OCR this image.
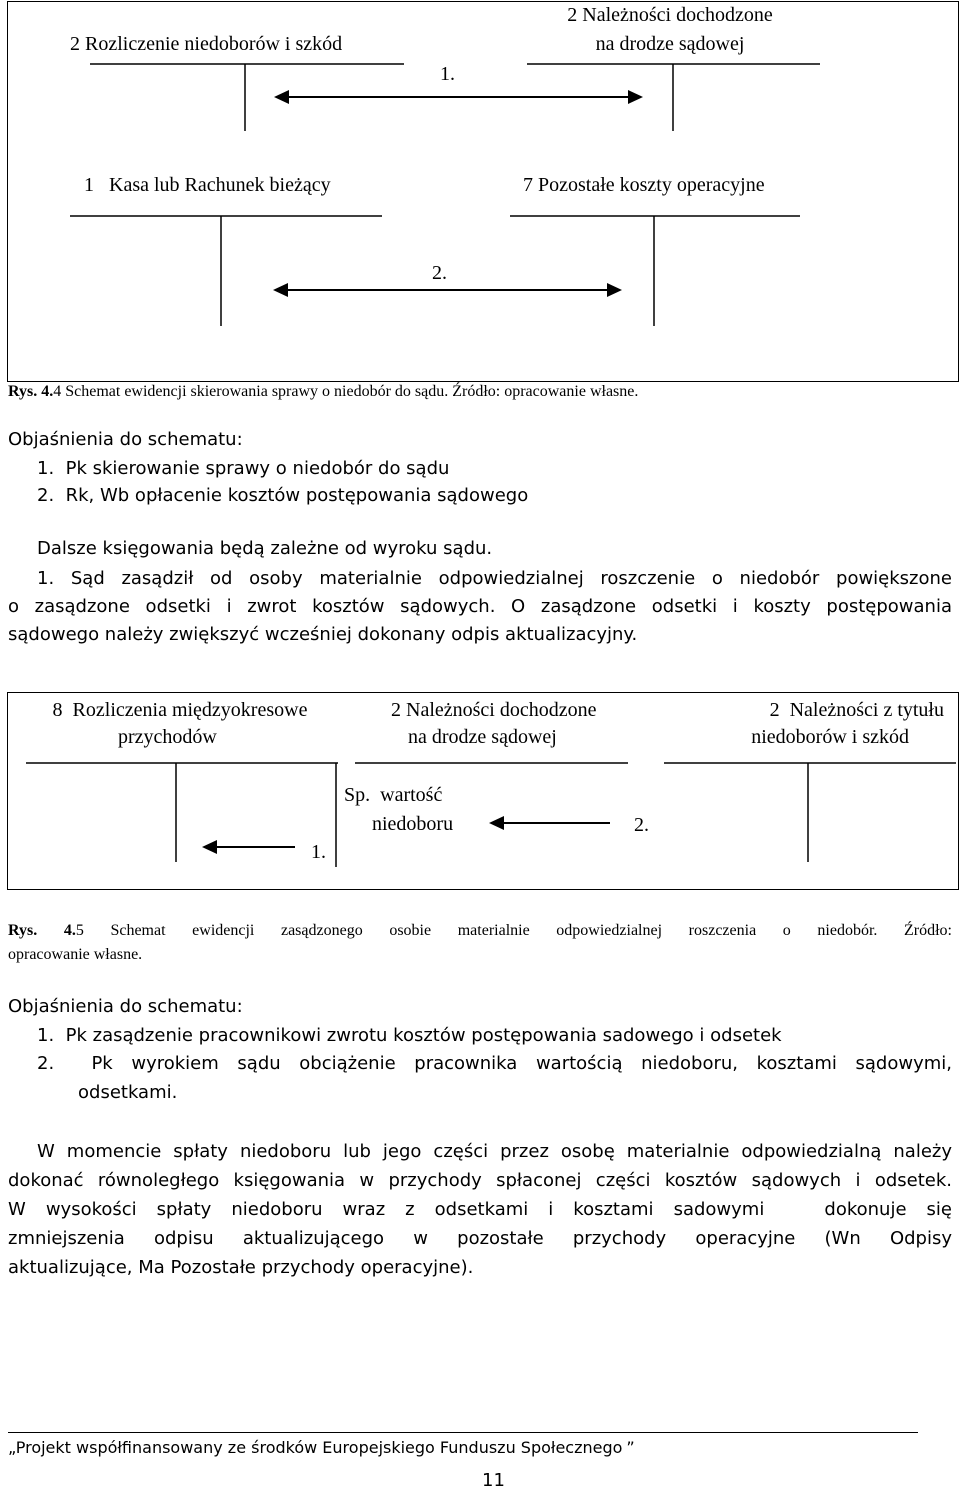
2 Rozliczenie niedoborów i szkód
2 Należności dochodzone
na drodze sądowej
1.
1   Kasa lub Rachunek bieżący	7 Pozostałe koszty operacyjne
2.
Rys. 4.4 Schemat ewidencji skierowania sprawy o niedobór do sądu. Źródło: opracowanie własne.
Objaśnienia do schematu:
1.  Pk skierowanie sprawy o niedobór do sądu
2.  Rk, Wb opłacenie kosztów postępowania sądowego
Dalsze księgowania będą zależne od wyroku sądu.
1. Sąd zasądził od osoby materialnie odpowiedzialnej roszczenie o niedobór powiększone
o zasądzone odsetki i zwrot kosztów sądowych. O zasądzone odsetki i koszty postępowania
sądowego należy zwiększyć wcześniej dokonany odpis aktualizacyjny.
8  Rozliczenia międzyokresowe
przychodów
2 Należności dochodzone
na drodze sądowej
2  Należności z tytułu
niedoborów i szkód
Sp.  wartość
niedoboru
1.
2.
Rys. 4.5 Schemat ewidencji zasądzonego osobie materialnie odpowiedzialnej roszczenia o niedobór. Źródło:
opracowanie własne.
Objaśnienia do schematu:
1.  Pk zasądzenie pracownikowi zwrotu kosztów postępowania sadowego i odsetek
2.  Pk wyrokiem sądu obciążenie pracownika wartością niedoboru, kosztami sądowymi,
odsetkami.
W momencie spłaty niedoboru lub jego części przez osobę materialnie odpowiedzialną należy
dokonać równoległego księgowania w przychody spłaconej części kosztów sądowych i odsetek.
W wysokości spłaty niedoboru wraz z odsetkami i kosztami sadowymi   dokonuje się
zmniejszenia odpisu aktualizującego w pozostałe przychody operacyjne (Wn Odpisy
aktualizujące, Ma Pozostałe przychody operacyjne).
„Projekt współfinansowany ze środków Europejskiego Funduszu Społecznego ”
11
